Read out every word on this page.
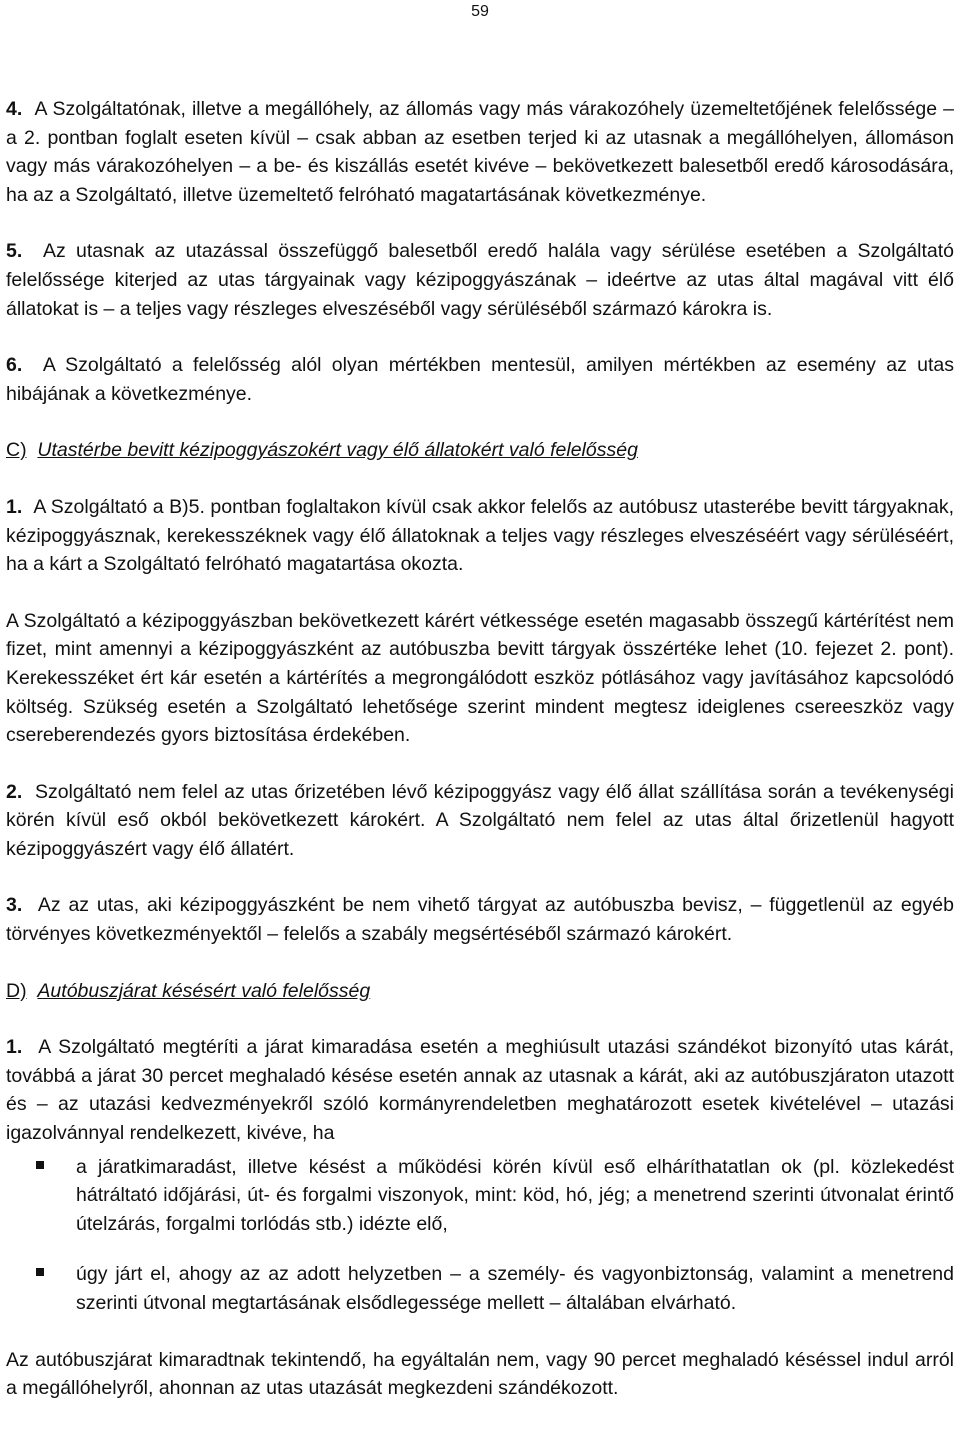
59

4. A Szolgáltatónak, illetve a megállóhely, az állomás vagy más várakozóhely üzemeltetőjének felelőssége – a 2. pontban foglalt eseten kívül – csak abban az esetben terjed ki az utasnak a megállóhelyen, állomáson vagy más várakozóhelyen – a be- és kiszállás esetét kivéve – bekövetkezett balesetből eredő károsodására, ha az a Szolgáltató, illetve üzemeltető felróható magatartásának következménye.

5. Az utasnak az utazással összefüggő balesetből eredő halála vagy sérülése esetében a Szolgáltató felelőssége kiterjed az utas tárgyainak vagy kézipoggyászának – ideértve az utas által magával vitt élő állatokat is – a teljes vagy részleges elveszéséből vagy sérüléséből származó károkra is.

6. A Szolgáltató a felelősség alól olyan mértékben mentesül, amilyen mértékben az esemény az utas hibájának a következménye.

C) Utastérbe bevitt kézipoggyászokért vagy élő állatokért való felelősség

1. A Szolgáltató a B)5. pontban foglaltakon kívül csak akkor felelős az autóbusz utasterébe bevitt tárgyaknak, kézipoggyásznak, kerekesszéknek vagy élő állatoknak a teljes vagy részleges elveszéséért vagy sérüléséért, ha a kárt a Szolgáltató felróható magatartása okozta.

A Szolgáltató a kézipoggyászban bekövetkezett kárért vétkessége esetén magasabb összegű kártérítést nem fizet, mint amennyi a kézipoggyászként az autóbuszba bevitt tárgyak összértéke lehet (10. fejezet 2. pont). Kerekesszéket ért kár esetén a kártérítés a megrongálódott eszköz pótlásához vagy javításához kapcsolódó költség. Szükség esetén a Szolgáltató lehetősége szerint mindent megtesz ideiglenes csereeszköz vagy csereberendezés gyors biztosítása érdekében.

2. Szolgáltató nem felel az utas őrizetében lévő kézipoggyász vagy élő állat szállítása során a tevékenységi körén kívül eső okból bekövetkezett károkért. A Szolgáltató nem felel az utas által őrizetlenül hagyott kézipoggyászért vagy élő állatért.

3. Az az utas, aki kézipoggyászként be nem vihető tárgyat az autóbuszba bevisz, – függetlenül az egyéb törvényes következményektől – felelős a szabály megsértéséből származó károkért.

D) Autóbuszjárat késésért való felelősség

1. A Szolgáltató megtéríti a járat kimaradása esetén a meghiúsult utazási szándékot bizonyító utas kárát, továbbá a járat 30 percet meghaladó késése esetén annak az utasnak a kárát, aki az autóbuszjáraton utazott és – az utazási kedvezményekről szóló kormányrendeletben meghatározott esetek kivételével – utazási igazolvánnyal rendelkezett, kivéve, ha

a járatkimaradást, illetve késést a működési körén kívül eső elháríthatatlan ok (pl. közlekedést hátráltató időjárási, út- és forgalmi viszonyok, mint: köd, hó, jég; a menetrend szerinti útvonalat érintő útelzárás, forgalmi torlódás stb.) idézte elő,
úgy járt el, ahogy az az adott helyzetben – a személy- és vagyonbiztonság, valamint a menetrend szerinti útvonal megtartásának elsődlegessége mellett – általában elvárható.

Az autóbuszjárat kimaradtnak tekintendő, ha egyáltalán nem, vagy 90 percet meghaladó késéssel indul arról a megállóhelyről, ahonnan az utas utazását megkezdeni szándékozott.
